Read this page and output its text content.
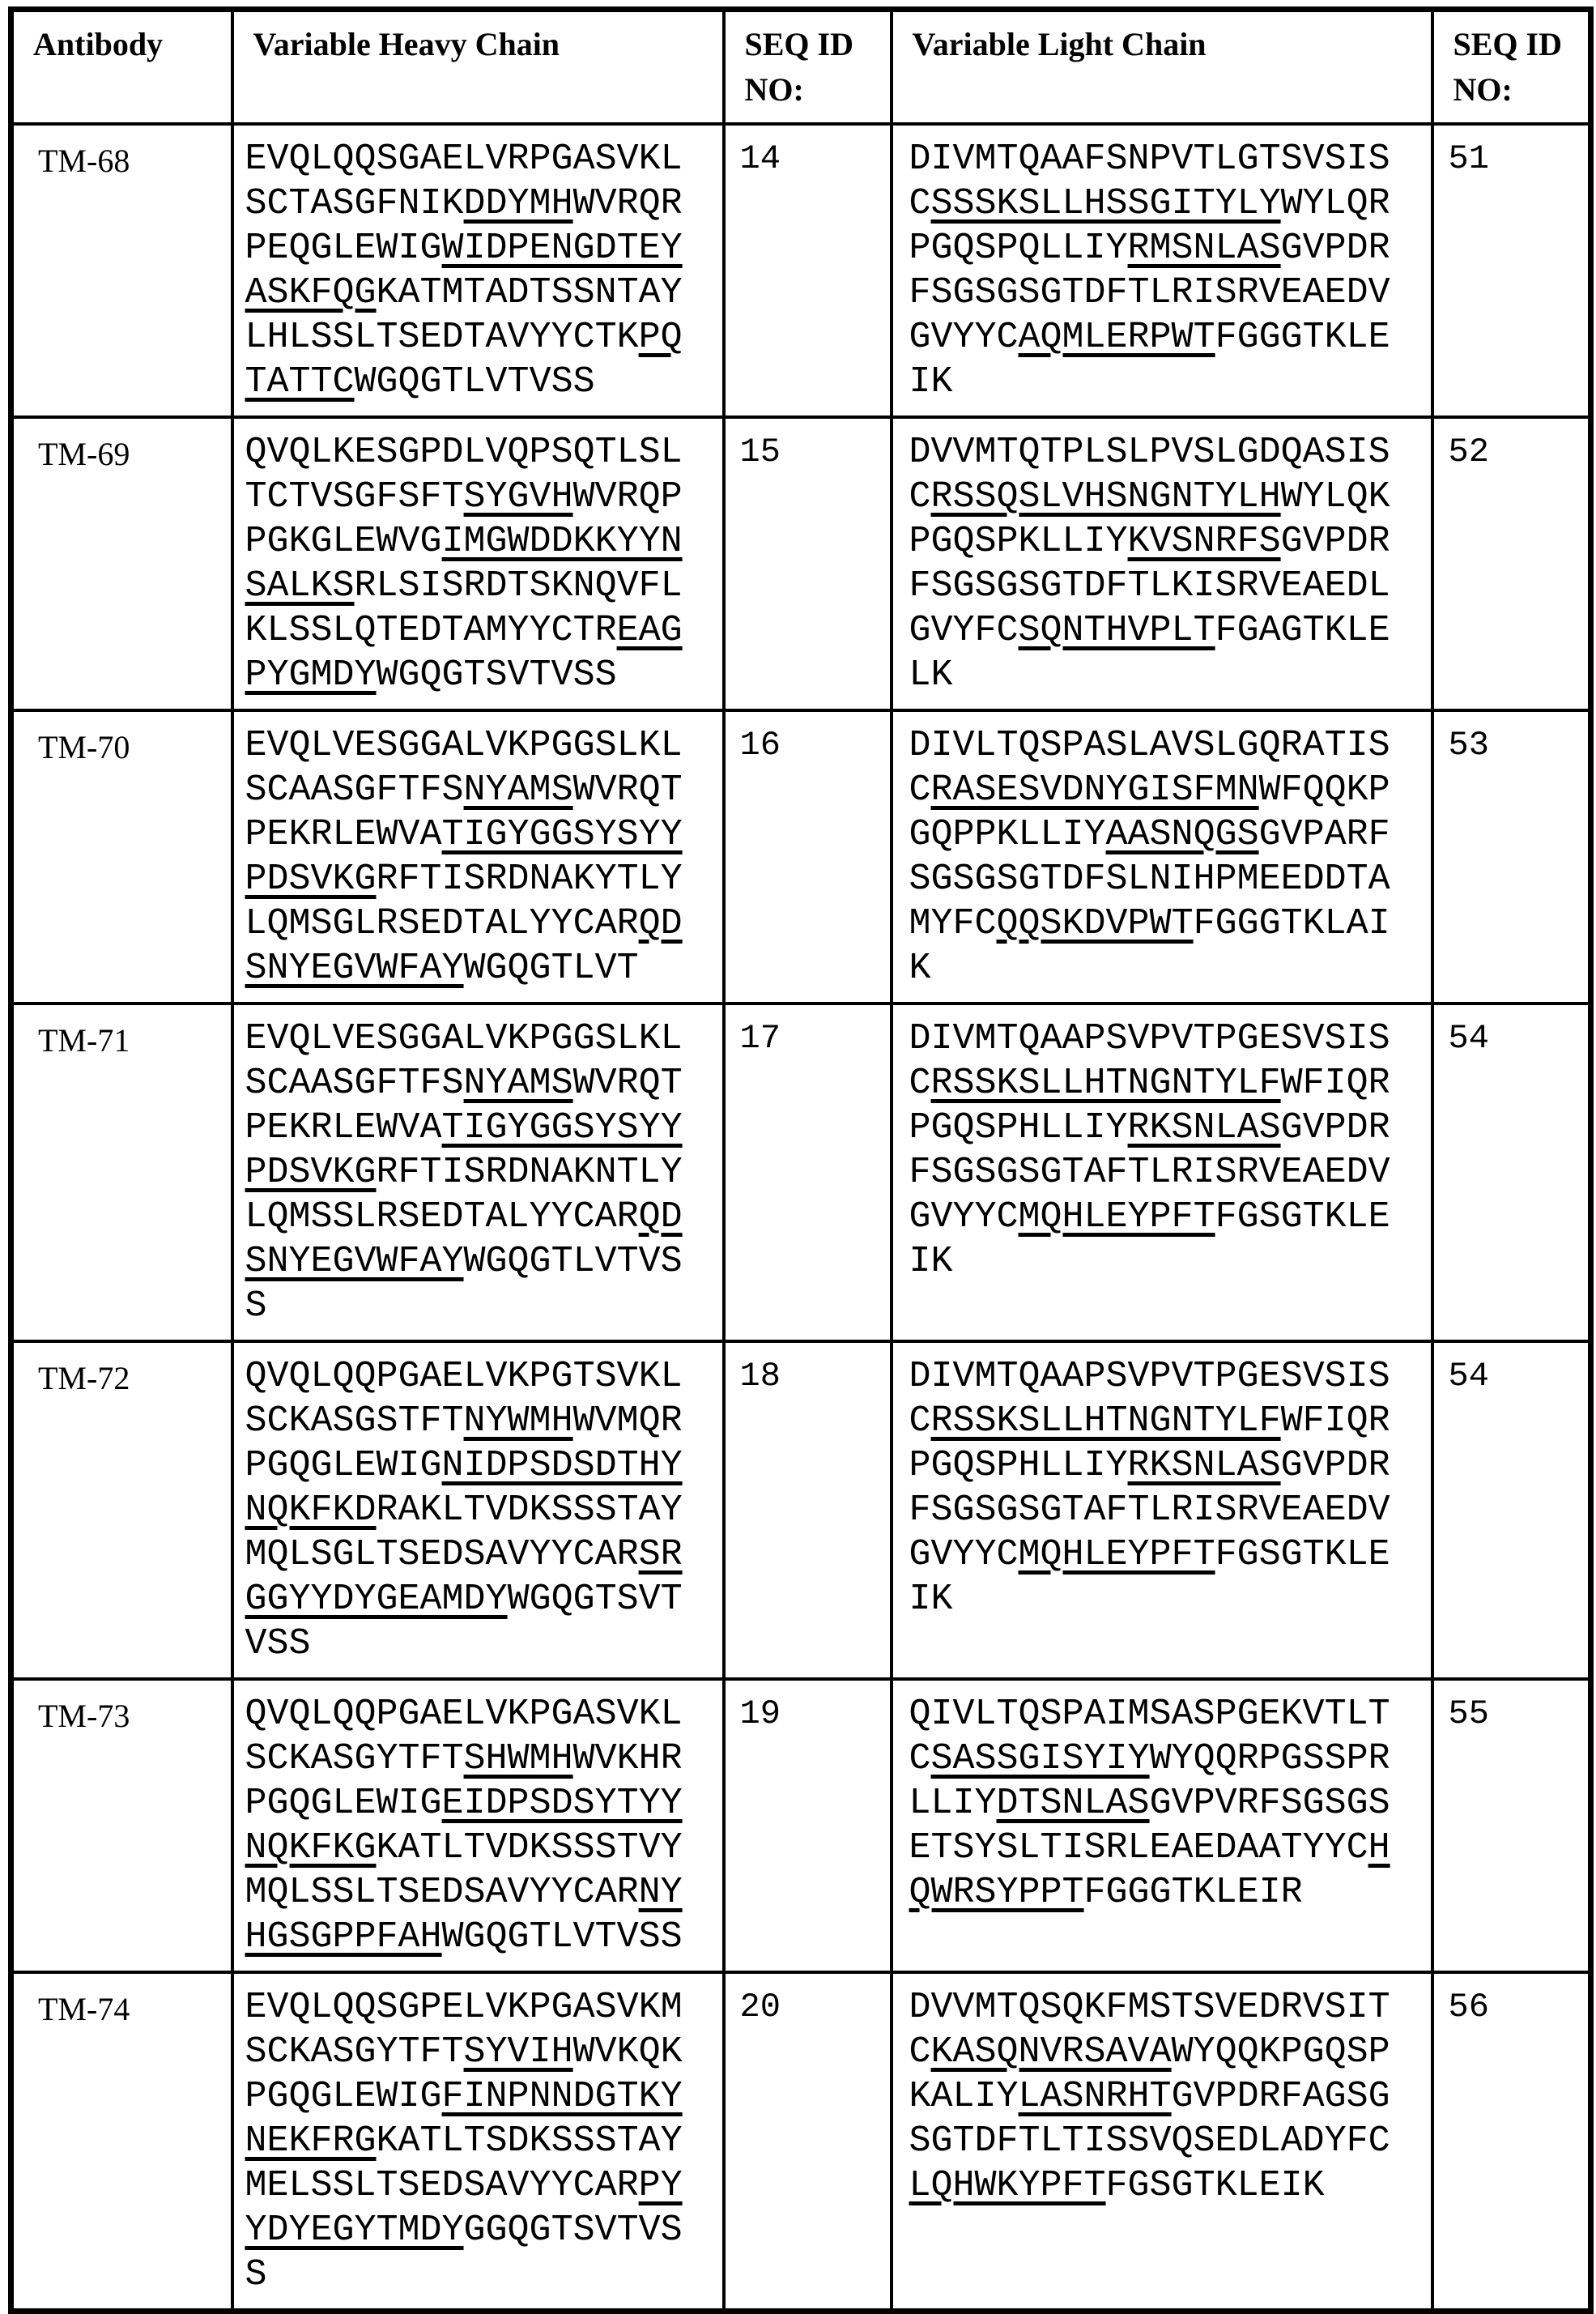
Antibody	Variable Heavy Chain	SEQ ID NO:	Variable Light Chain	SEQ ID NO:
TM-68	EVQLQQSGAELVRPGASVKL
SCTASGFNIKDDYMHWVRQR
PEQGLEWIGWIDPENGDTEY
ASKFQGKATMTADTSSNTAY
LHLSSLTSEDTAVYYCTKPQ
TATTCWGQGTLVTVSS
	14	DIVMTQAAFSNPVTLGTSVSIS
CSSSKSLLHSSGITYLYWYLQR
PGQSPQLLIYRMSNLASGVPDR
FSGSGSGTDFTLRISRVEAEDV
GVYYCAQMLERPWTFGGGTKLE
IK
	51
TM-69	QVQLKESGPDLVQPSQTLSL
TCTVSGFSFTSYGVHWVRQP
PGKGLEWVGIMGWDDKKYYN
SALKSRLSISRDTSKNQVFL
KLSSLQTEDTAMYYCTREAG
PYGMDYWGQGTSVTVSS
	15	DVVMTQTPLSLPVSLGDQASIS
CRSSQSLVHSNGNTYLHWYLQK
PGQSPKLLIYKVSNRFSGVPDR
FSGSGSGTDFTLKISRVEAEDL
GVYFCSQNTHVPLTFGAGTKLE
LK
	52
TM-70	EVQLVESGGALVKPGGSLKL
SCAASGFTFSNYAMSWVRQT
PEKRLEWVATIGYGGSYSYY
PDSVKGRFTISRDNAKYTLY
LQMSGLRSEDTALYYCARQD
SNYEGVWFAYWGQGTLVT
	16	DIVLTQSPASLAVSLGQRATIS
CRASESVDNYGISFMNWFQQKP
GQPPKLLIYAASNQGSGVPARF
SGSGSGTDFSLNIHPMEEDDTA
MYFCQQSKDVPWTFGGGTKLAI
K
	53
TM-71	EVQLVESGGALVKPGGSLKL
SCAASGFTFSNYAMSWVRQT
PEKRLEWVATIGYGGSYSYY
PDSVKGRFTISRDNAKNTLY
LQMSSLRSEDTALYYCARQD
SNYEGVWFAYWGQGTLVTVS
S
	17	DIVMTQAAPSVPVTPGESVSIS
CRSSKSLLHTNGNTYLFWFIQR
PGQSPHLLIYRKSNLASGVPDR
FSGSGSGTAFTLRISRVEAEDV
GVYYCMQHLEYPFTFGSGTKLE
IK
	54
TM-72	QVQLQQPGAELVKPGTSVKL
SCKASGSTFTNYWMHWVMQR
PGQGLEWIGNIDPSDSDTHY
NQKFKDRAKLTVDKSSSTAY
MQLSGLTSEDSAVYYCARSR
GGYYDYGEAMDYWGQGTSVT
VSS
	18	DIVMTQAAPSVPVTPGESVSIS
CRSSKSLLHTNGNTYLFWFIQR
PGQSPHLLIYRKSNLASGVPDR
FSGSGSGTAFTLRISRVEAEDV
GVYYCMQHLEYPFTFGSGTKLE
IK
	54
TM-73	QVQLQQPGAELVKPGASVKL
SCKASGYTFTSHWMHWVKHR
PGQGLEWIGEIDPSDSYTYY
NQKFKGKATLTVDKSSSTVY
MQLSSLTSEDSAVYYCARNY
HGSGPPFAHWGQGTLVTVSS
	19	QIVLTQSPAIMSASPGEKVTLT
CSASSGISYIYWYQQRPGSSPR
LLIYDTSNLASGVPVRFSGSGS
ETSYSLTISRLEAEDAATYYCH
QWRSYPPTFGGGTKLEIR
	55
TM-74	EVQLQQSGPELVKPGASVKM
SCKASGYTFTSYVIHWVKQK
PGQGLEWIGFINPNNDGTKY
NEKFRGKATLTSDKSSSTAY
MELSSLTSEDSAVYYCARPY
YDYEGYTMDYGGQGTSVTVS
S
	20	DVVMTQSQKFMSTSVEDRVSIT
CKASQNVRSAVAWYQQKPGQSP
KALIYLASNRHTGVPDRFAGSG
SGTDFTLTISSVQSEDLADYFC
LQHWKYPFTFGSGTKLEIK
	56
